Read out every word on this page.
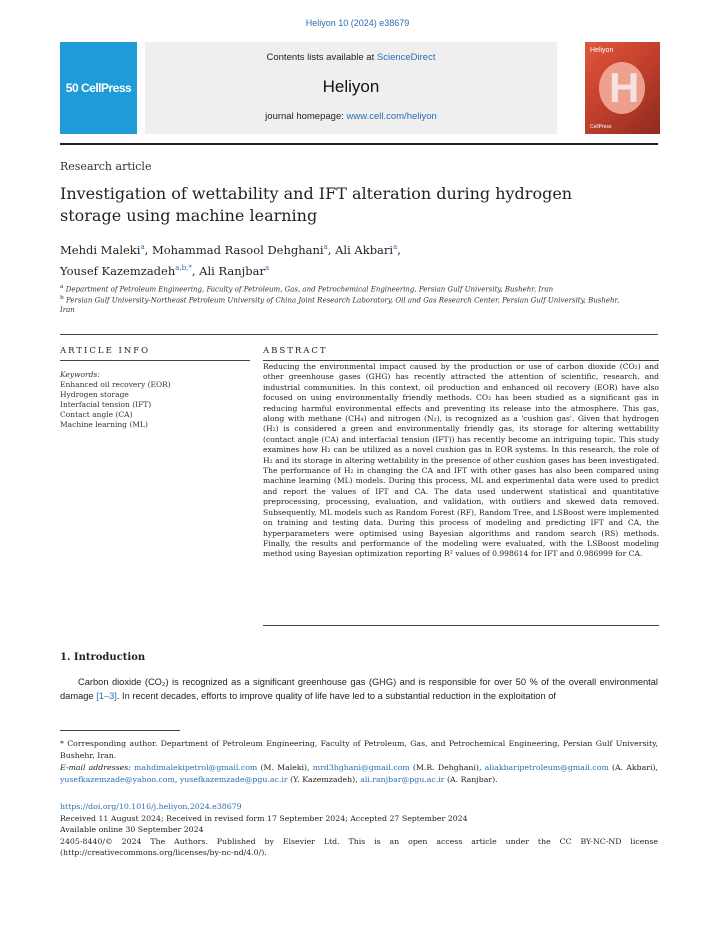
Heliyon 10 (2024) e38679
50 CellPress
Contents lists available at ScienceDirect
Heliyon
journal homepage: www.cell.com/heliyon
Heliyon
H
CellPress
Research article
Investigation of wettability and IFT alteration during hydrogen storage using machine learning
Mehdi Maleki$^a$, Mohammad Rasool Dehghani$^a$, Ali Akbari$^a$,
Yousef Kazemzadeh$^{a,b,*}$, Ali Ranjbar$^a$
$^a$ Department of Petroleum Engineering, Faculty of Petroleum, Gas, and Petrochemical Engineering, Persian Gulf University, Bushehr, Iran
$^b$ Persian Gulf University-Northeast Petroleum University of China Joint Research Laboratory, Oil and Gas Research Center, Persian Gulf University, Bushehr, Iran
ARTICLE INFO	ABSTRACT
Keywords:
Enhanced oil recovery (EOR)
Hydrogen storage
Interfacial tension (IFT)
Contact angle (CA)
Machine learning (ML)
Reducing the environmental impact caused by the production or use of carbon dioxide (CO₂) and other greenhouse gases (GHG) has recently attracted the attention of scientific, research, and industrial communities. In this context, oil production and enhanced oil recovery (EOR) have also focused on using environmentally friendly methods. CO₂ has been studied as a significant gas in reducing harmful environmental effects and preventing its release into the atmosphere. This gas, along with methane (CH₄) and nitrogen (N₂), is recognized as a 'cushion gas'. Given that hydrogen (H₂) is considered a green and environmentally friendly gas, its storage for altering wettability (contact angle (CA) and interfacial tension (IFT)) has recently become an intriguing topic. This study examines how H₂ can be utilized as a novel cushion gas in EOR systems. In this research, the role of H₂ and its storage in altering wettability in the presence of other cushion gases has been investigated. The performance of H₂ in changing the CA and IFT with other gases has also been compared using machine learning (ML) models. During this process, ML and experimental data were used to predict and report the values of IFT and CA. The data used underwent statistical and quantitative preprocessing, processing, evaluation, and validation, with outliers and skewed data removed. Subsequently, ML models such as Random Forest (RF), Random Tree, and LSBoost were implemented on training and testing data. During this process of modeling and predicting IFT and CA, the hyperparameters were optimised using Bayesian algorithms and random search (RS) methods. Finally, the results and performance of the modeling were evaluated, with the LSBoost modeling method using Bayesian optimization reporting R² values of 0.998614 for IFT and 0.986999 for CA.
1. Introduction
Carbon dioxide (CO₂) is recognized as a significant greenhouse gas (GHG) and is responsible for over 50 % of the overall environmental damage [1–3]. In recent decades, efforts to improve quality of life have led to a substantial reduction in the exploitation of
* Corresponding author. Department of Petroleum Engineering, Faculty of Petroleum, Gas, and Petrochemical Engineering, Persian Gulf University, Bushehr, Iran.
E-mail addresses: mahdimalekipetrol@gmail.com (M. Maleki), mrd3hghani@gmail.com (M.R. Dehghani), aliakbaripetroleum@gmail.com (A. Akbari), yusefkazemzade@yahoo.com, yusefkazemzade@pgu.ac.ir (Y. Kazemzadeh), ali.ranjbar@pgu.ac.ir (A. Ranjbar).
https://doi.org/10.1016/j.heliyon.2024.e38679
Received 11 August 2024; Received in revised form 17 September 2024; Accepted 27 September 2024
Available online 30 September 2024
2405-8440/© 2024 The Authors. Published by Elsevier Ltd. This is an open access article under the CC BY-NC-ND license (http://creativecommons.org/licenses/by-nc-nd/4.0/).
